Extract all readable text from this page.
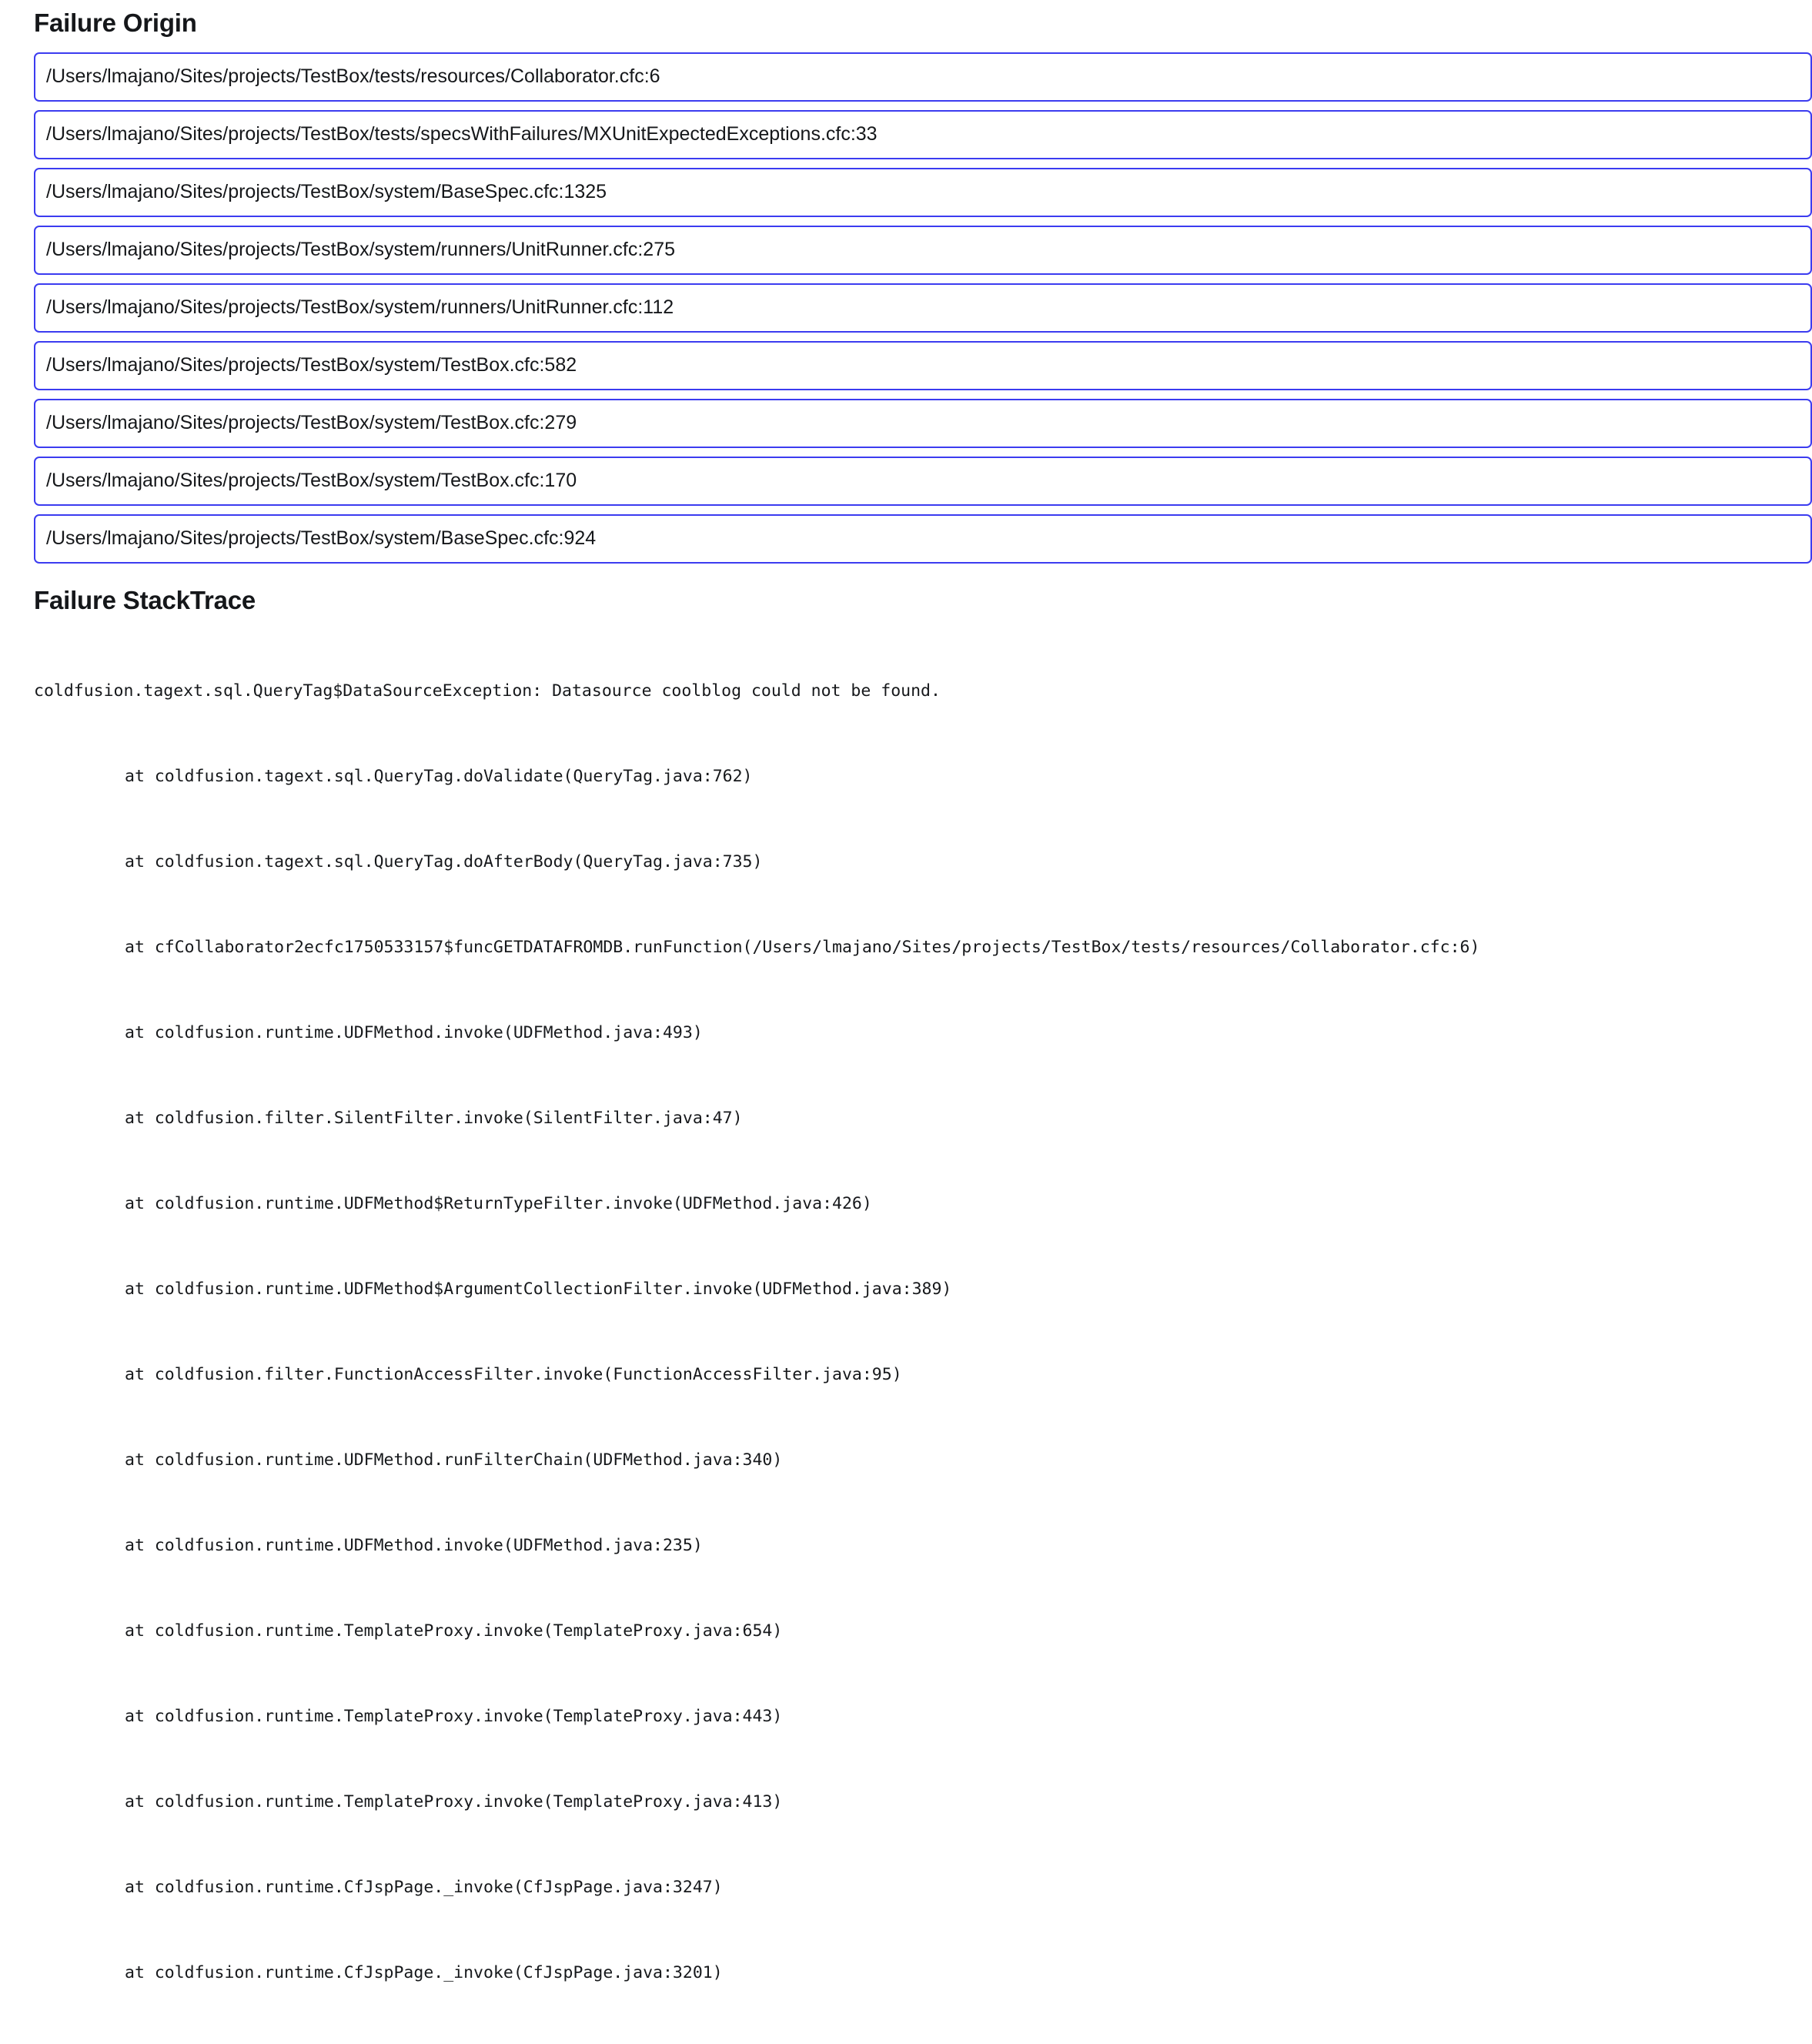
Failure Origin
/Users/lmajano/Sites/projects/TestBox/tests/resources/Collaborator.cfc:6
/Users/lmajano/Sites/projects/TestBox/tests/specsWithFailures/MXUnitExpectedExceptions.cfc:33
/Users/lmajano/Sites/projects/TestBox/system/BaseSpec.cfc:1325
/Users/lmajano/Sites/projects/TestBox/system/runners/UnitRunner.cfc:275
/Users/lmajano/Sites/projects/TestBox/system/runners/UnitRunner.cfc:112
/Users/lmajano/Sites/projects/TestBox/system/TestBox.cfc:582
/Users/lmajano/Sites/projects/TestBox/system/TestBox.cfc:279
/Users/lmajano/Sites/projects/TestBox/system/TestBox.cfc:170
/Users/lmajano/Sites/projects/TestBox/system/BaseSpec.cfc:924
Failure StackTrace

coldfusion.tagext.sql.QueryTag$DataSourceException: Datasource coolblog could not be found.

at coldfusion.tagext.sql.QueryTag.doValidate(QueryTag.java:762)

at coldfusion.tagext.sql.QueryTag.doAfterBody(QueryTag.java:735)

at cfCollaborator2ecfc1750533157$funcGETDATAFROMDB.runFunction(/Users/lmajano/Sites/projects/TestBox/tests/resources/Collaborator.cfc:6)

at coldfusion.runtime.UDFMethod.invoke(UDFMethod.java:493)

at coldfusion.filter.SilentFilter.invoke(SilentFilter.java:47)

at coldfusion.runtime.UDFMethod$ReturnTypeFilter.invoke(UDFMethod.java:426)

at coldfusion.runtime.UDFMethod$ArgumentCollectionFilter.invoke(UDFMethod.java:389)

at coldfusion.filter.FunctionAccessFilter.invoke(FunctionAccessFilter.java:95)

at coldfusion.runtime.UDFMethod.runFilterChain(UDFMethod.java:340)

at coldfusion.runtime.UDFMethod.invoke(UDFMethod.java:235)

at coldfusion.runtime.TemplateProxy.invoke(TemplateProxy.java:654)

at coldfusion.runtime.TemplateProxy.invoke(TemplateProxy.java:443)

at coldfusion.runtime.TemplateProxy.invoke(TemplateProxy.java:413)

at coldfusion.runtime.CfJspPage._invoke(CfJspPage.java:3247)

at coldfusion.runtime.CfJspPage._invoke(CfJspPage.java:3201)
